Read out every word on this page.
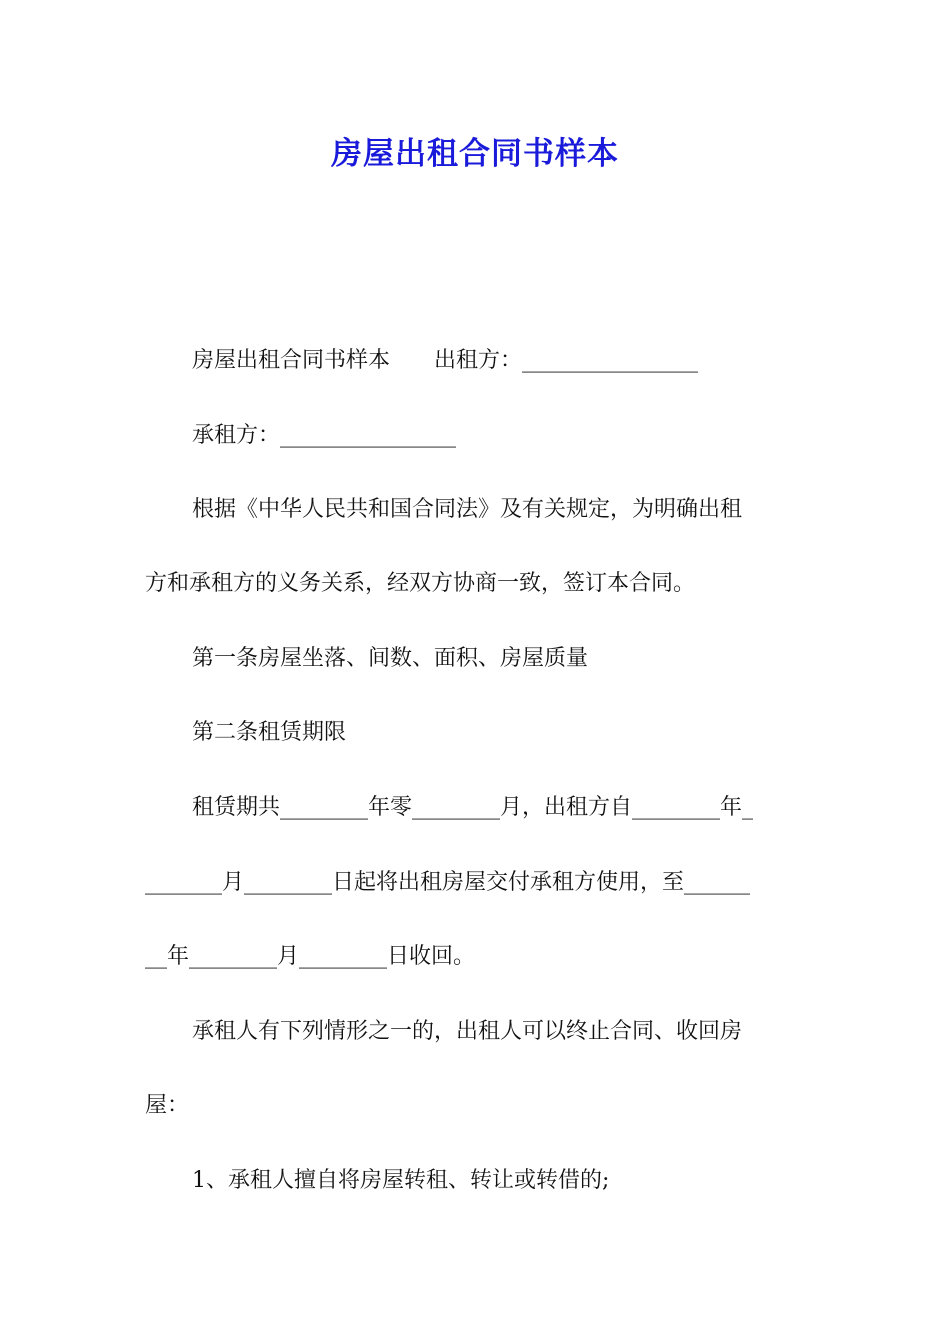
房屋出租合同书样本

房屋出租合同书样本　　出租方：________________

承租方：________________

根据《中华人民共和国合同法》及有关规定，为明确出租

方和承租方的义务关系，经双方协商一致，签订本合同。

第一条房屋坐落、间数、面积、房屋质量

第二条租赁期限

租赁期共________年零________月，出租方自________年_

_______月________日起将出租房屋交付承租方使用，至______

__年________月________日收回。

承租人有下列情形之一的，出租人可以终止合同、收回房

屋：

1、承租人擅自将房屋转租、转让或转借的;
